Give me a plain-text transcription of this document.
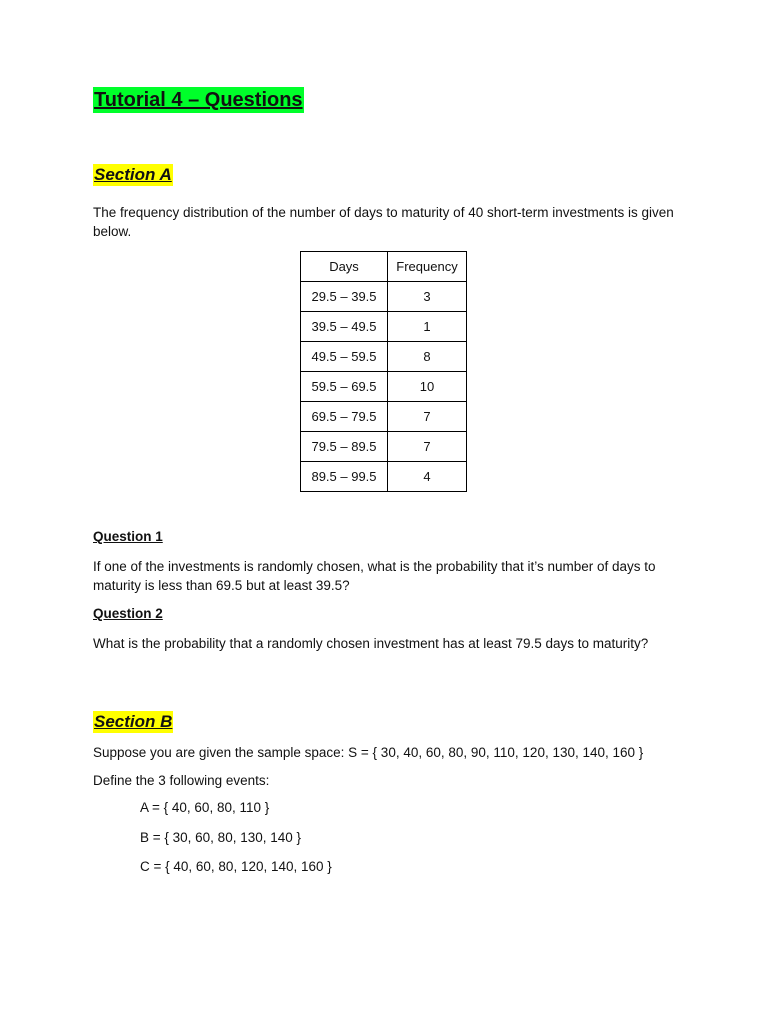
Tutorial 4 – Questions
Section A
The frequency distribution of the number of days to maturity of 40 short-term investments is given below.
Days	Frequency
29.5 – 39.5	3
39.5 – 49.5	1
49.5 – 59.5	8
59.5 – 69.5	10
69.5 – 79.5	7
79.5 – 89.5	7
89.5 – 99.5	4
Question 1
If one of the investments is randomly chosen, what is the probability that it’s number of days to maturity is less than 69.5 but at least 39.5?
Question 2
What is the probability that a randomly chosen investment has at least 79.5 days to maturity?
Section B
Suppose you are given the sample space: S = { 30, 40, 60, 80, 90, 110, 120, 130, 140, 160 }
Define the 3 following events:
A = { 40, 60, 80, 110 }
B = { 30, 60, 80, 130, 140 }
C = { 40, 60, 80, 120, 140, 160 }
